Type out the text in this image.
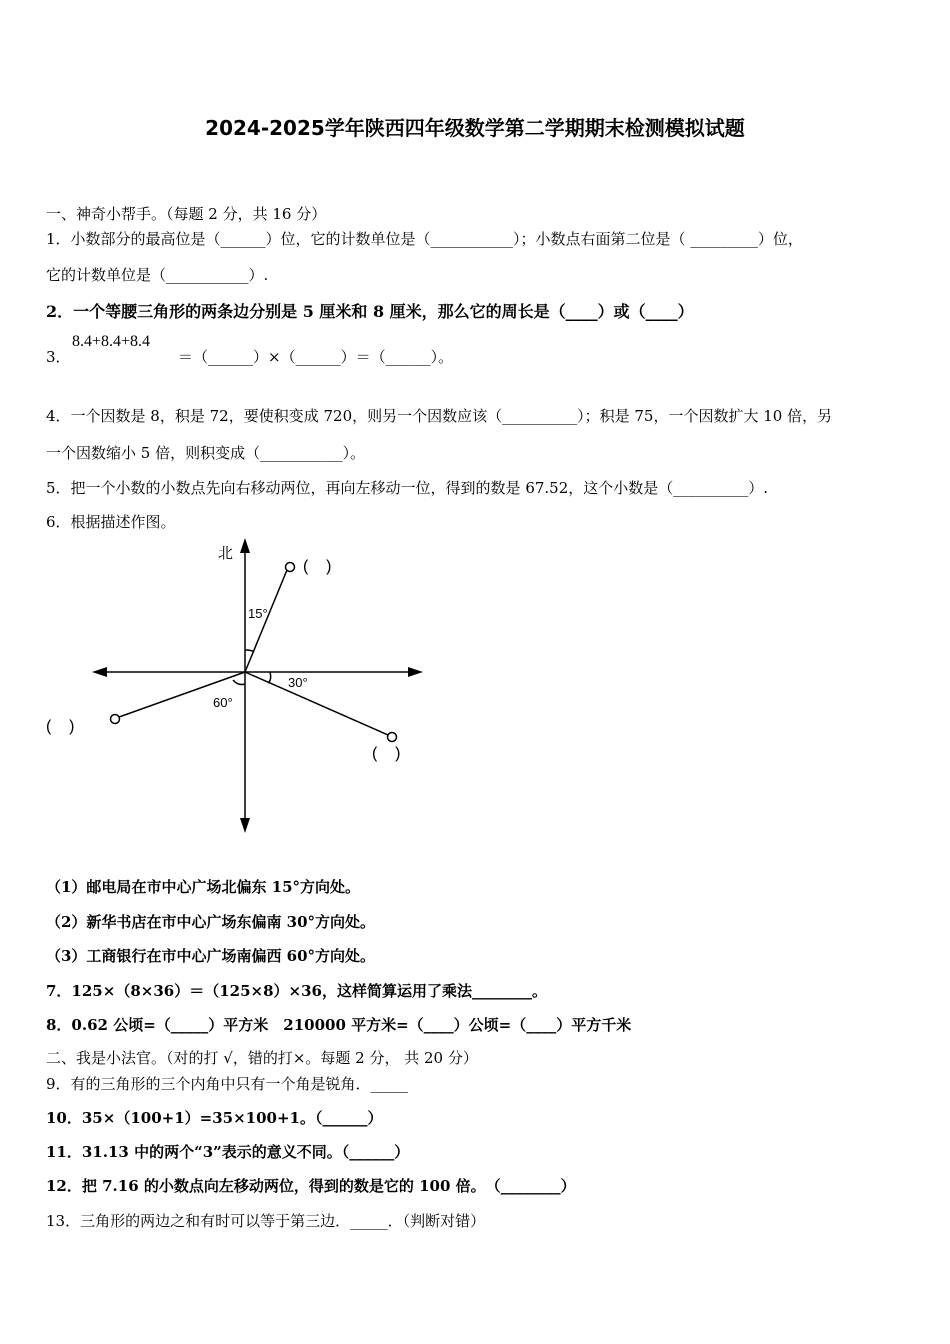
2024-2025学年陕西四年级数学第二学期期末检测模拟试题
一、神奇小帮手。（每题 2 分，共 16 分）
1．小数部分的最高位是（______）位，它的计数单位是（___________）；小数点右面第二位是（ _________）位，
它的计数单位是（___________）.
2．一个等腰三角形的两条边分别是 5 厘米和 8 厘米，那么它的周长是（____）或（____）
3．
8.4+8.4+8.4
＝（______）×（______）＝（______）。
4．一个因数是 8，积是 72，要使积变成 720，则另一个因数应该（__________）；积是 75，一个因数扩大 10 倍，另
一个因数缩小 5 倍，则积变成（___________）。
5．把一个小数的小数点先向右移动两位，再向左移动一位，得到的数是 67.52，这个小数是（__________）.
6．根据描述作图。
北
15°
30°
60°
(    )
(    )
(    )
（1）邮电局在市中心广场北偏东 15°方向处。
（2）新华书店在市中心广场东偏南 30°方向处。
（3）工商银行在市中心广场南偏西 60°方向处。
7．125×（8×36）＝（125×8）×36，这样简算运用了乘法________。
8．0.62 公顷=（_____）平方米　210000 平方米=（____）公顷=（____）平方千米
二、我是小法官。（对的打 √，错的打×。每题 2 分， 共 20 分）
9．有的三角形的三个内角中只有一个角是锐角．_____
10．35×（100+1）=35×100+1。（______）
11．31.13 中的两个“3”表示的意义不同。（______）
12．把 7.16 的小数点向左移动两位，得到的数是它的 100 倍。　（________）
13．三角形的两边之和有时可以等于第三边．_____．（判断对错）
